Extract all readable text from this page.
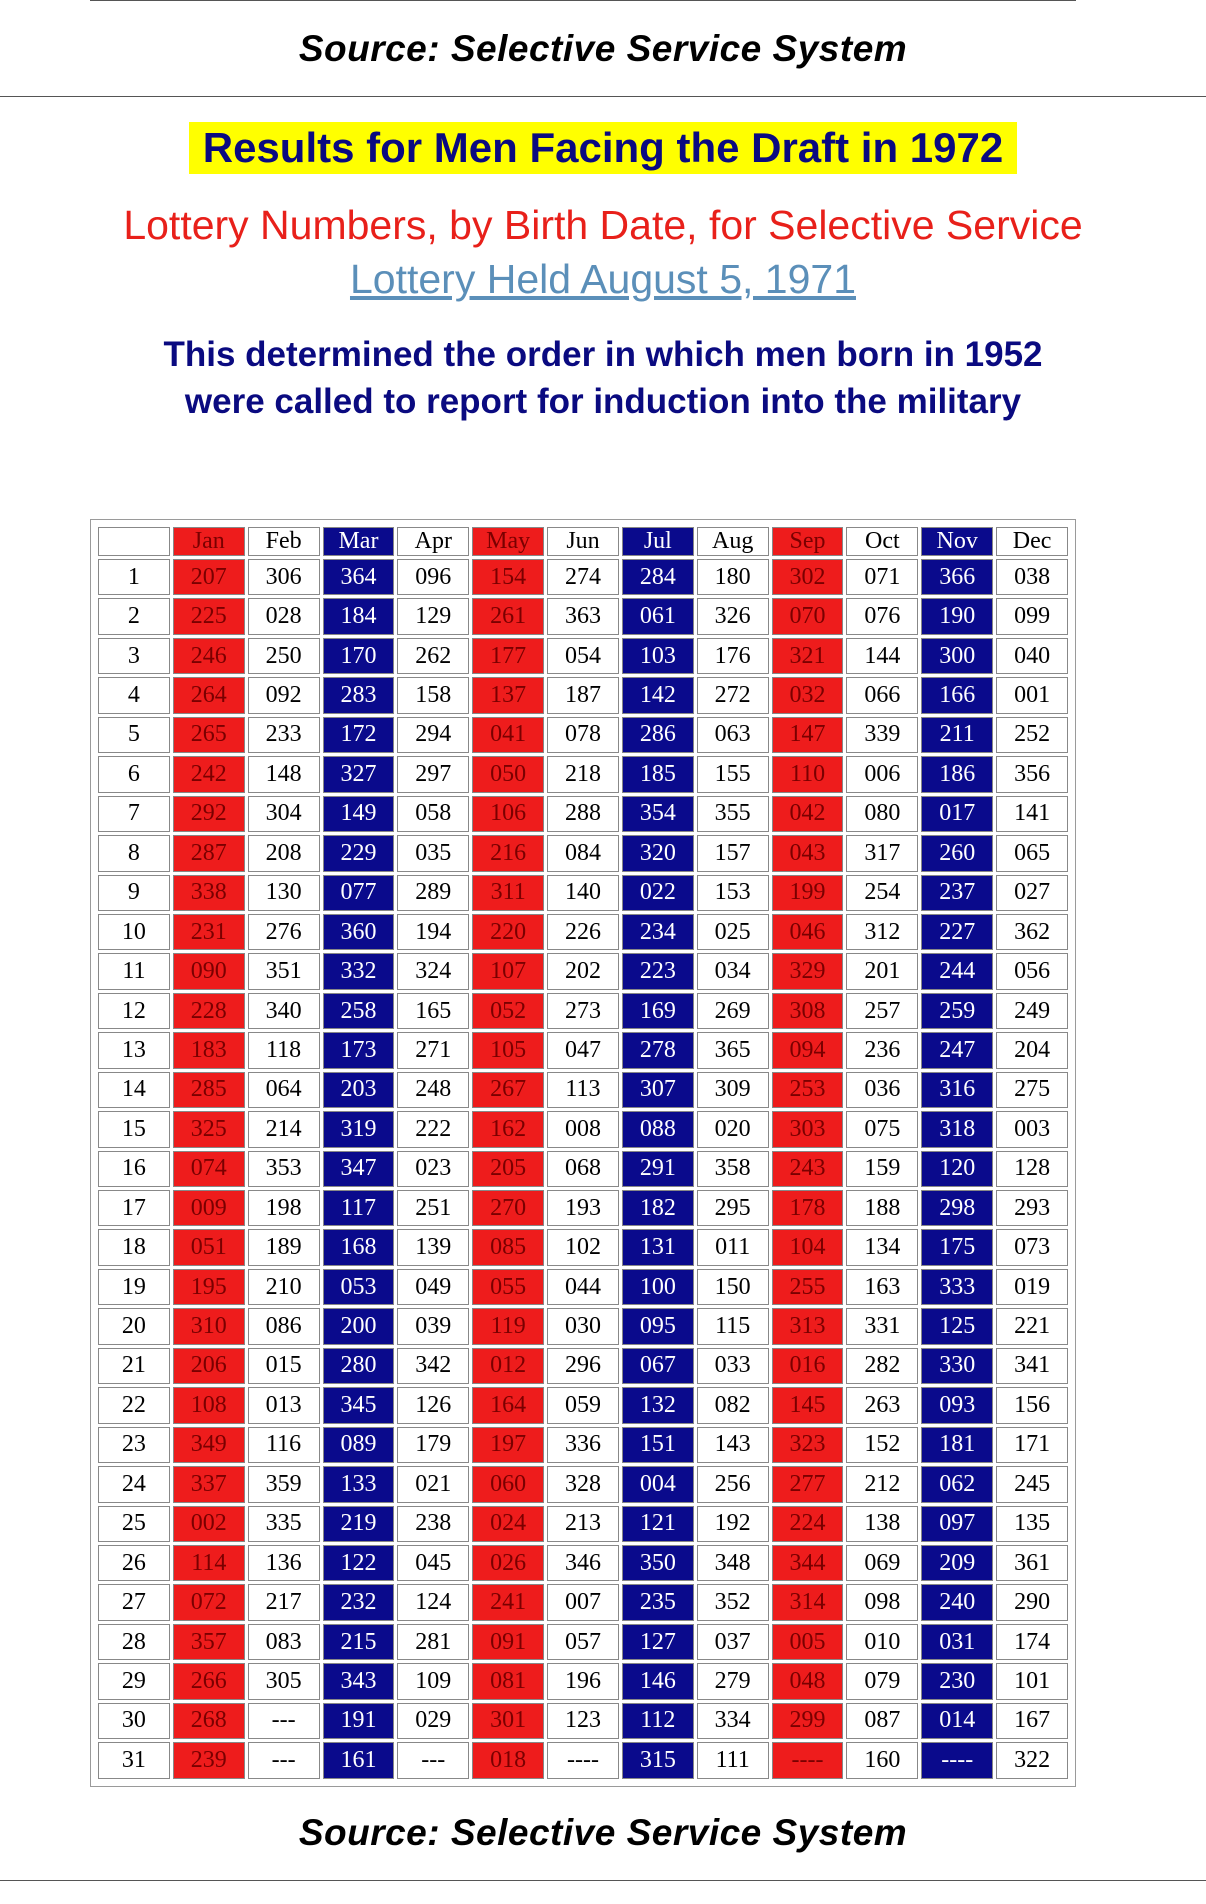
Source: Selective Service System
Results for Men Facing the Draft in 1972
Lottery Numbers, by Birth Date, for Selective Service
Lottery Held August 5, 1971
This determined the order in which men born in 1952
were called to report for induction into the military
	Jan	Feb	Mar	Apr	May	Jun	Jul	Aug	Sep	Oct	Nov	Dec
1	207	306	364	096	154	274	284	180	302	071	366	038
2	225	028	184	129	261	363	061	326	070	076	190	099
3	246	250	170	262	177	054	103	176	321	144	300	040
4	264	092	283	158	137	187	142	272	032	066	166	001
5	265	233	172	294	041	078	286	063	147	339	211	252
6	242	148	327	297	050	218	185	155	110	006	186	356
7	292	304	149	058	106	288	354	355	042	080	017	141
8	287	208	229	035	216	084	320	157	043	317	260	065
9	338	130	077	289	311	140	022	153	199	254	237	027
10	231	276	360	194	220	226	234	025	046	312	227	362
11	090	351	332	324	107	202	223	034	329	201	244	056
12	228	340	258	165	052	273	169	269	308	257	259	249
13	183	118	173	271	105	047	278	365	094	236	247	204
14	285	064	203	248	267	113	307	309	253	036	316	275
15	325	214	319	222	162	008	088	020	303	075	318	003
16	074	353	347	023	205	068	291	358	243	159	120	128
17	009	198	117	251	270	193	182	295	178	188	298	293
18	051	189	168	139	085	102	131	011	104	134	175	073
19	195	210	053	049	055	044	100	150	255	163	333	019
20	310	086	200	039	119	030	095	115	313	331	125	221
21	206	015	280	342	012	296	067	033	016	282	330	341
22	108	013	345	126	164	059	132	082	145	263	093	156
23	349	116	089	179	197	336	151	143	323	152	181	171
24	337	359	133	021	060	328	004	256	277	212	062	245
25	002	335	219	238	024	213	121	192	224	138	097	135
26	114	136	122	045	026	346	350	348	344	069	209	361
27	072	217	232	124	241	007	235	352	314	098	240	290
28	357	083	215	281	091	057	127	037	005	010	031	174
29	266	305	343	109	081	196	146	279	048	079	230	101
30	268	---	191	029	301	123	112	334	299	087	014	167
31	239	---	161	---	018	----	315	111	----	160	----	322
Source: Selective Service System
